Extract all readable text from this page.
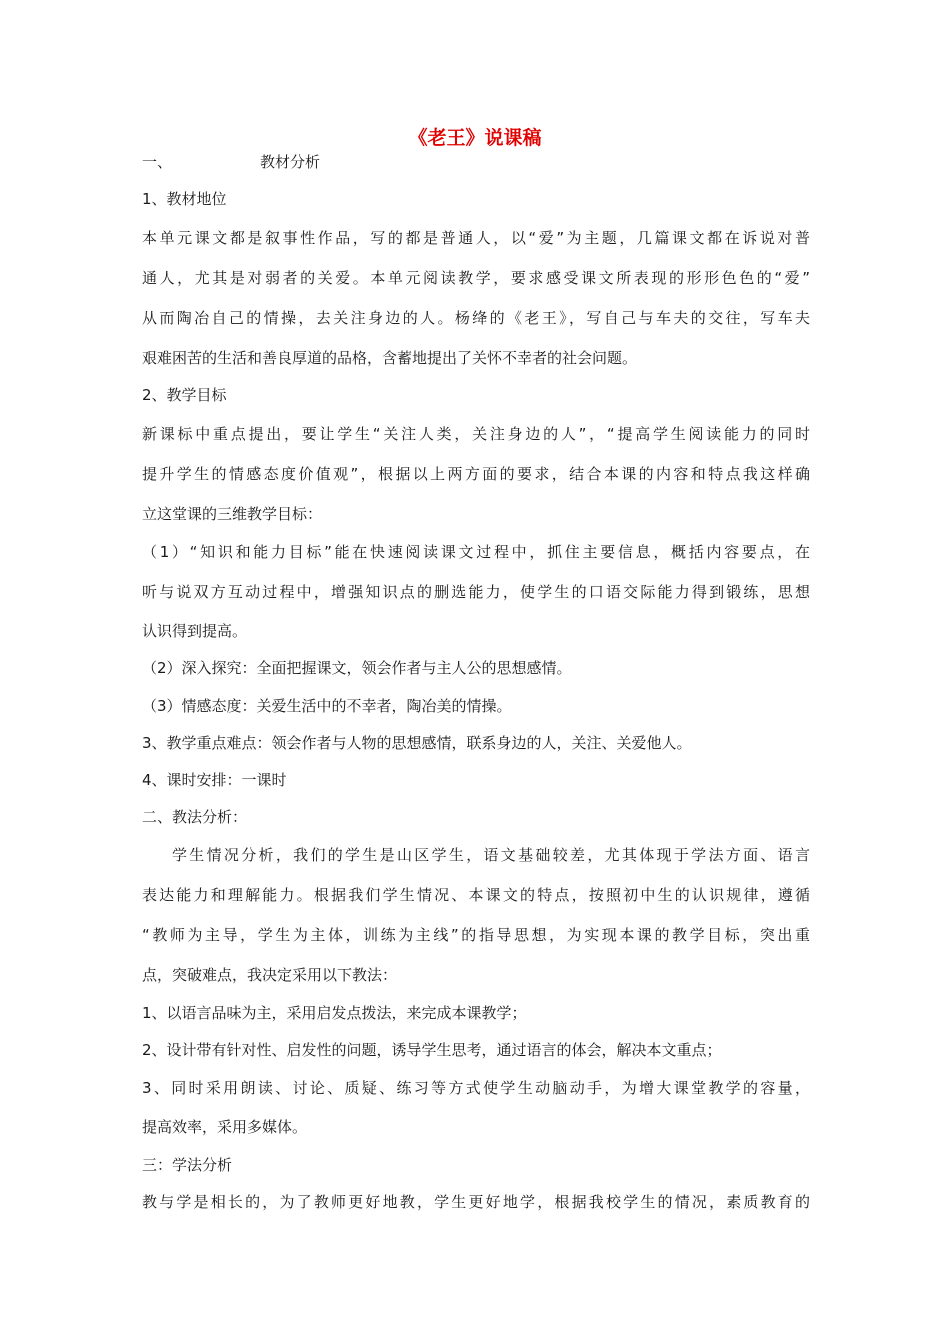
《老王》说课稿
一、	教材分析
1、教材地位
本单元课文都是叙事性作品，写的都是普通人，以“爱”为主题，几篇课文都在诉说对普
通人，尤其是对弱者的关爱。本单元阅读教学，要求感受课文所表现的形形色色的“爱”
从而陶冶自己的情操，去关注身边的人。杨绛的《老王》，写自己与车夫的交往，写车夫
艰难困苦的生活和善良厚道的品格，含蓄地提出了关怀不幸者的社会问题。
2、教学目标
新课标中重点提出，要让学生“关注人类，关注身边的人”，“提高学生阅读能力的同时
提升学生的情感态度价值观”，根据以上两方面的要求，结合本课的内容和特点我这样确
立这堂课的三维教学目标：
（1）“知识和能力目标”能在快速阅读课文过程中，抓住主要信息，概括内容要点，在
听与说双方互动过程中，增强知识点的删选能力，使学生的口语交际能力得到锻练，思想
认识得到提高。
（2）深入探究：全面把握课文，领会作者与主人公的思想感情。
（3）情感态度：关爱生活中的不幸者，陶冶美的情操。
3、教学重点难点：领会作者与人物的思想感情，联系身边的人，关注、关爱他人。
4、课时安排：一课时
二、教法分析：
学生情况分析，我们的学生是山区学生，语文基础较差，尤其体现于学法方面、语言
表达能力和理解能力。根据我们学生情况、本课文的特点，按照初中生的认识规律，遵循
“教师为主导，学生为主体，训练为主线”的指导思想，为实现本课的教学目标，突出重
点，突破难点，我决定采用以下教法：
1、以语言品味为主，采用启发点拨法，来完成本课教学；
2、设计带有针对性、启发性的问题，诱导学生思考，通过语言的体会，解决本文重点；
3、同时采用朗读、讨论、质疑、练习等方式使学生动脑动手，为增大课堂教学的容量，
提高效率，采用多媒体。
三：学法分析
教与学是相长的，为了教师更好地教，学生更好地学，根据我校学生的情况，素质教育的
